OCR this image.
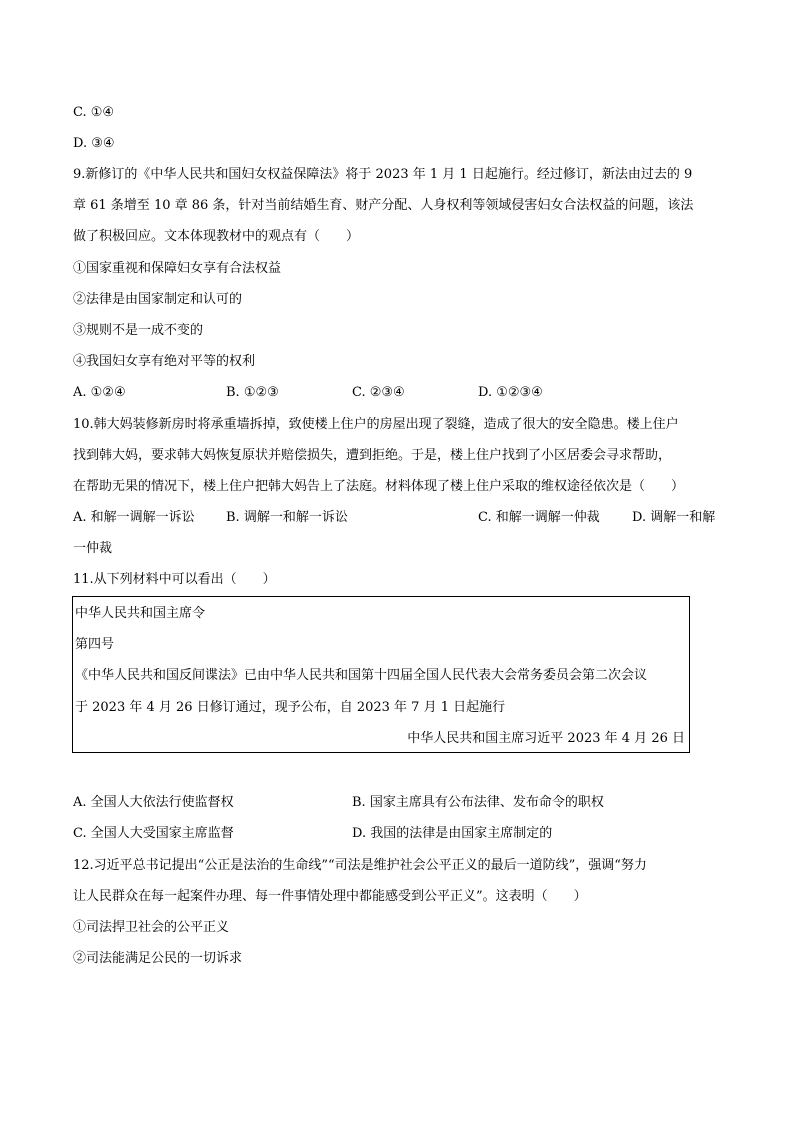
C. ①④
D. ③④
9.新修订的《中华人民共和国妇女权益保障法》将于 2023 年 1 月 1 日起施行。经过修订，新法由过去的 9
章 61 条增至 10 章 86 条，针对当前结婚生育、财产分配、人身权利等领域侵害妇女合法权益的问题，该法
做了积极回应。文本体现教材中的观点有（　　）
①国家重视和保障妇女享有合法权益
②法律是由国家制定和认可的
③规则不是一成不变的
④我国妇女享有绝对平等的权利
A. ①②④	B. ①②③	C. ②③④	D. ①②③④
10.韩大妈装修新房时将承重墙拆掉，致使楼上住户的房屋出现了裂缝，造成了很大的安全隐患。楼上住户
找到韩大妈，要求韩大妈恢复原状并赔偿损失，遭到拒绝。于是，楼上住户找到了小区居委会寻求帮助，
在帮助无果的情况下，楼上住户把韩大妈告上了法庭。材料体现了楼上住户采取的维权途径依次是（　　）
A. 和解一调解一诉讼 B. 调解一和解一诉讼	C. 和解一调解一仲裁 D. 调解一和解
一仲裁
11.从下列材料中可以看出（　　）
中华人民共和国主席令
第四号
《中华人民共和国反间谍法》已由中华人民共和国第十四届全国人民代表大会常务委员会第二次会议
于 2023 年 4 月 26 日修订通过，现予公布，自 2023 年 7 月 1 日起施行
中华人民共和国主席习近平 2023 年 4 月 26 日
A. 全国人大依法行使监督权	B. 国家主席具有公布法律、发布命令的职权
C. 全国人大受国家主席监督	D. 我国的法律是由国家主席制定的
12.习近平总书记提出“公正是法治的生命线”“司法是维护社会公平正义的最后一道防线”，强调“努力
让人民群众在每一起案件办理、每一件事情处理中都能感受到公平正义”。这表明（　　）
①司法捍卫社会的公平正义
②司法能满足公民的一切诉求
